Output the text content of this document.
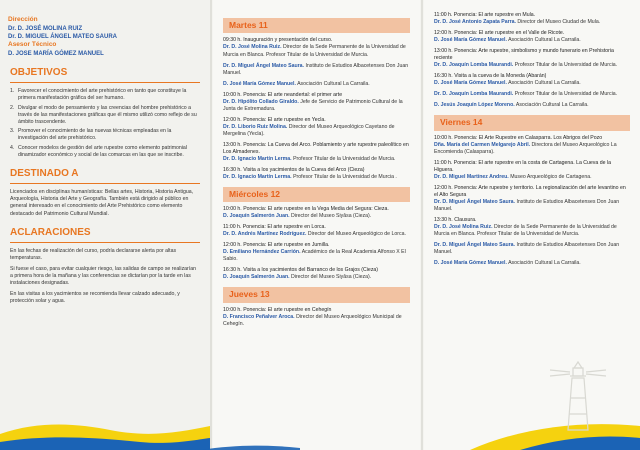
Dirección
Dr. D. JOSÉ MOLINA RUIZ
Dr. D. MIGUEL ÁNGEL MATEO SAURA
Asesor Técnico
D. JOSE MARÍA GÓMEZ MANUEL
OBJETIVOS
1. Favorecer el conocimiento del arte prehistórico en tanto que constituye la primera manifestación gráfica del ser humano.
2. Divulgar el modo de pensamiento y las creencias del hombre prehistórico a través de las manifestaciones gráficas que él mismo utilizó como reflejo de su ámbito trascendente.
3. Promover el conocimiento de las nuevas técnicas empleadas en la investigación del arte prehistórico.
4. Conocer modelos de gestión del arte rupestre como elemento patrimonial dinamizador económico y social de las comarcas en las que se inscribe.
DESTINADO A
Licenciados en disciplinas humanísticas: Bellas artes, Historia, Historia Antigua, Arqueología, Historia del Arte y Geografía. También está dirigido al público en general interesado en el conocimiento del Arte Prehistórico como elemento destacado del Patrimonio Cultural Mundial.
ACLARACIONES
En las fechas de realización del curso, podría declararse alerta por altas temperaturas.
Si fuese el caso, para evitar cualquier riesgo, las salidas de campo se realizarían a primera hora de la mañana y las conferencias se dictarían por la tarde en las instalaciones designadas.
En las visitas a los yacimientos se recomienda llevar calzado adecuado, y protección solar y agua.
Martes 11
09:30 h. Inauguración y presentación del curso.
Dr. D. José Molina Ruiz. Director de la Sede Permanente de la Universidad de Murcia en Blanca. Profesor Titular de la Universidad de Murcia.
Dr. D. Miguel Ángel Mateo Saura. Instituto de Estudios Albacetenses Don Juan Manuel.
D. José María Gómez Manuel. Asociación Cultural La Carraila.
10:00 h. Ponencia: El arte neandertal: el primer arte
Dr. D. Hipólito Collado Giraldo. Jefe de Servicio de Patrimonio Cultural de la Junta de Extremadura.
12:00 h. Ponencia: El arte rupestre en Yecla.
Dr. D. Liborio Ruiz Molina. Director del Museo Arqueológico Cayetano de Mergelina (Yecla).
13:00 h. Ponencia: La Cueva del Arco. Poblamiento y arte rupestre paleolítico en Los Almadenes.
Dr. D. Ignacio Martín Lerma. Profesor Titular de la Universidad de Murcia.
16:30 h. Visita a los yacimientos de la Cueva del Arco (Cieza)
Dr. D. Ignacio Martín Lerma. Profesor Titular de la Universidad de Murcia .
Miércoles 12
10:00 h. Ponencia: El arte rupestre en la Vega Media del Segura: Cieza.
D. Joaquín Salmerón Juan. Director del Museo Siyâsa (Cieza).
11:00 h. Ponencia: El arte rupestre en Lorca.
Dr. D. Andrés Martínez Rodríguez. Director del Museo Arqueológico de Lorca.
12:00 h. Ponencia: El arte rupestre en Jumilla.
D. Emiliano Hernández Carrión. Académico de la Real Academia Alfonso X El Sabio.
16:30 h. Visita a los yacimientos del Barranco de los Grajos (Cieza)
D. Joaquín Salmerón Juan. Director del Museo Siyâsa (Cieza).
Jueves 13
10:00 h. Ponencia: El arte rupestre en Cehegín
D. Francisco Peñalver Aroca. Director del Museo Arqueológico Municipal de Cehegín.
11:00 h. Ponencia: El arte rupestre en Mula.
Dr. D. José Antonio Zapata Parra. Director del Museo Ciudad de Mula.
12:00 h. Ponencia: El arte rupestre en el Valle de Ricote.
D. José María Gómez Manuel. Asociación Cultural La Carraila.
13:00 h. Ponencia: Arte rupestre, simbolismo y mundo funerario en Prehistoria reciente
Dr. D. Joaquín Lomba Maurandi. Profesor Titular de la Universidad de Murcia.
16:30 h. Visita a la cueva de la Moneda (Abarán)
D. José María Gómez Manuel. Asociación Cultural La Carraila.
Dr. D. Joaquín Lomba Maurandi. Profesor Titular de la Universidad de Murcia.
D. Jesús Joaquín López Moreno. Asociación Cultural La Carraila.
Viernes 14
10:00 h. Ponencia: El Arte Rupestre en Calasparra. Los Abrigos del Pozo
Dña. María del Carmen Melgarejo Abril. Directora del Museo Arqueológico La Encomienda (Calasparra).
11:00 h. Ponencia: El arte rupestre en la costa de Cartagena. La Cueva de la Higuera.
Dr. D. Miguel Martínez Andreu. Museo Arqueológico de Cartagena.
12:00 h. Ponencia: Arte rupestre y territorio. La regionalización del arte levantino en el Alto Segura
Dr. D. Miguel Ángel Mateo Saura. Instituto de Estudios Albacetenses Don Juan Manuel.
13:30 h. Clausura.
Dr. D. José Molina Ruiz. Director de la Sede Permanente de la Universidad de Murcia en Blanca. Profesor Titular de la Universidad de Murcia.
Dr. D. Miguel Ángel Mateo Saura. Instituto de Estudios Albacetenses Don Juan Manuel.
D. José María Gómez Manuel. Asociación Cultural La Carraila.
